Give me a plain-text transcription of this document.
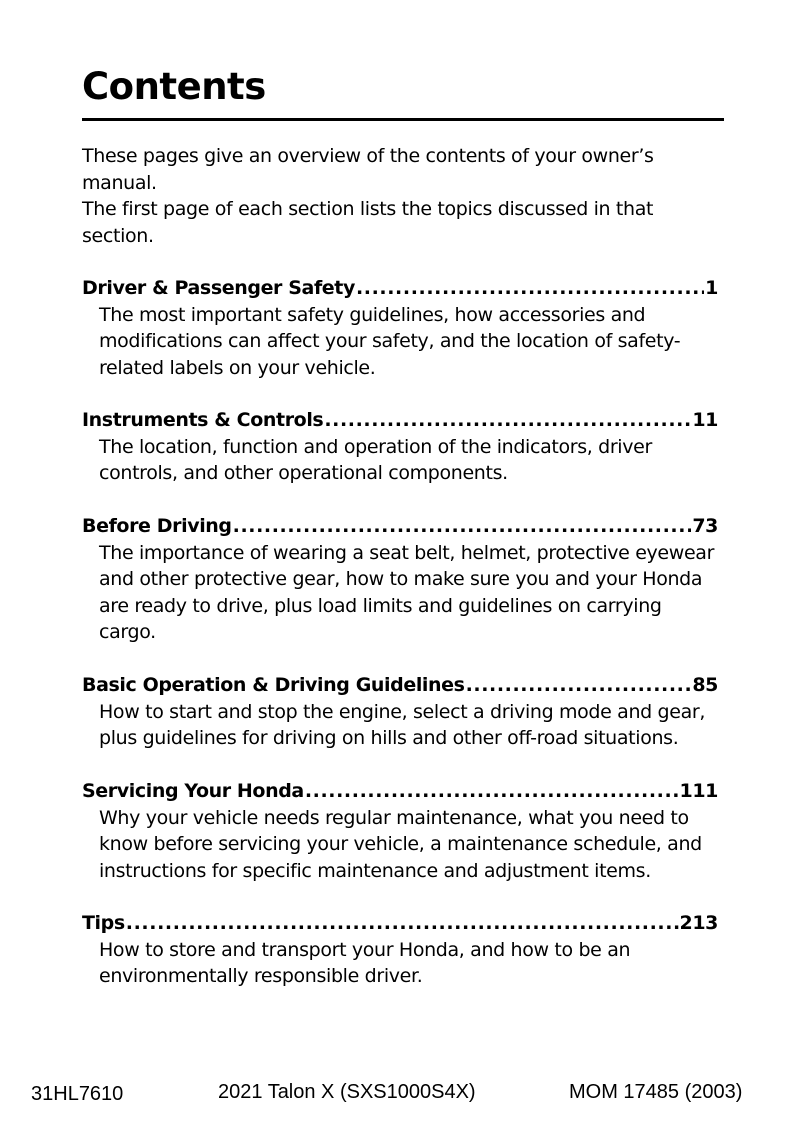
Contents

These pages give an overview of the contents of your owner’s manual.

The first page of each section lists the topics discussed in that section.

Driver & Passenger Safety .....	1

The most important safety guidelines, how accessories and modifications can affect your safety, and the location of safety-related labels on your vehicle.

Instruments & Controls .....	11

The location, function and operation of the indicators, driver controls, and other operational components.

Before Driving .....	73

The importance of wearing a seat belt, helmet, protective eyewear and other protective gear, how to make sure you and your Honda are ready to drive, plus load limits and guidelines on carrying cargo.

Basic Operation & Driving Guidelines .....	85

How to start and stop the engine, select a driving mode and gear, plus guidelines for driving on hills and other off-road situations.

Servicing Your Honda .....	111

Why your vehicle needs regular maintenance, what you need to know before servicing your vehicle, a maintenance schedule, and instructions for specific maintenance and adjustment items.

Tips .....	213

How to store and transport your Honda, and how to be an environmentally responsible driver.

31HL7610	2021 Talon X (SXS1000S4X)	MOM 17485 (2003)
